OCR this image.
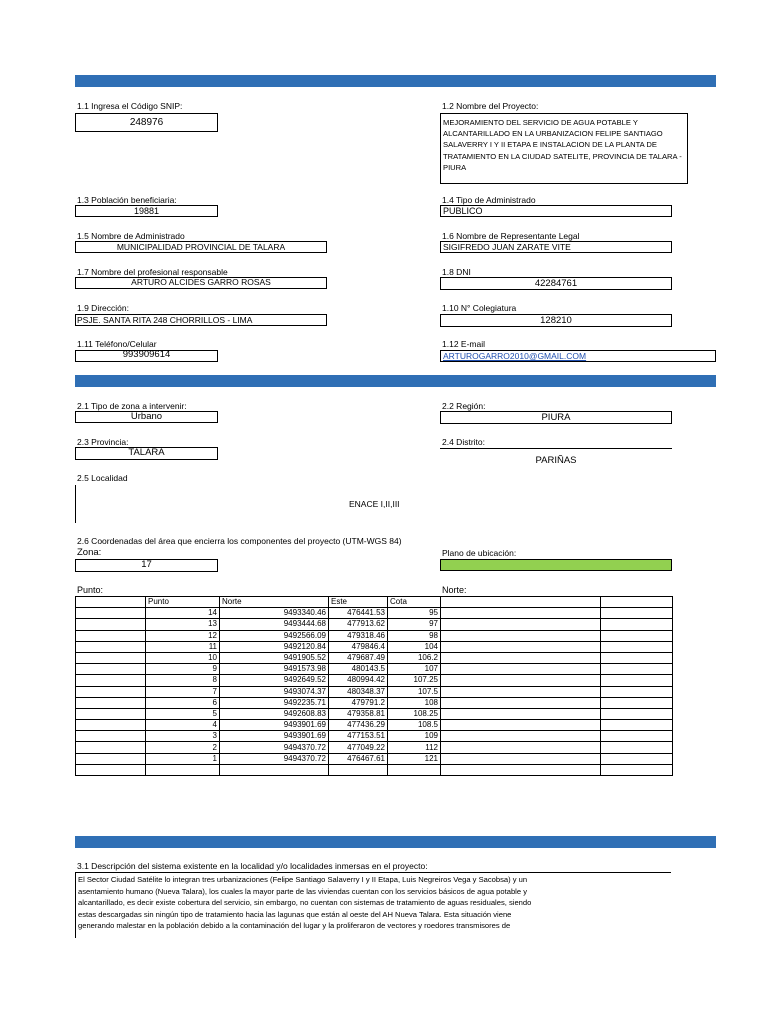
1.1 Ingresa el Código SNIP:
248976
1.2 Nombre del Proyecto:
MEJORAMIENTO DEL SERVICIO DE AGUA POTABLE Y ALCANTARILLADO EN LA URBANIZACION FELIPE SANTIAGO SALAVERRY I Y II ETAPA E INSTALACION DE LA PLANTA DE TRATAMIENTO EN LA CIUDAD SATELITE, PROVINCIA DE TALARA - PIURA
1.3 Población beneficiaria:
19881
1.4 Tipo de Administrado
PUBLICO
1.5 Nombre de Administrado
MUNICIPALIDAD PROVINCIAL DE TALARA
1.6 Nombre de Representante Legal
SIGIFREDO JUAN ZARATE VITE
1.7 Nombre del profesional responsable
ARTURO ALCIDES GARRO ROSAS
1.8 DNI
42284761
1.9 Dirección:
PSJE. SANTA RITA 248 CHORRILLOS - LIMA
1.10 N° Colegiatura
128210
1.11 Teléfono/Celular
993909614
1.12 E-mail
ARTUROGARRO2010@GMAIL.COM
2.1 Tipo de zona a intervenir:
Urbano
2.2 Región:
PIURA
2.3 Provincia:
TALARA
2.4 Distrito:
PARIÑAS
2.5 Localidad
ENACE I,II,III
2.6 Coordenadas del área que encierra los componentes del proyecto (UTM-WGS 84)
Zona:
17
Plano de ubicación:
Punto:	Norte:
	Punto	Norte	Este	Cota		
	14	9493340.46	476441.53	95		
	13	9493444.68	477913.62	97		
	12	9492566.09	479318.46	98		
	11	9492120.84	479846.4	104		
	10	9491905.52	479687.49	106.2		
	9	9491573.98	480143.5	107		
	8	9492649.52	480994.42	107.25		
	7	9493074.37	480348.37	107.5		
	6	9492235.71	479791.2	108		
	5	9492608.83	479358.81	108.25		
	4	9493901.69	477436.29	108.5		
	3	9493901.69	477153.51	109		
	2	9494370.72	477049.22	112		
	1	9494370.72	476467.61	121		

3.1 Descripción del sistema existente en la localidad y/o localidades inmersas en el proyecto:
El Sector Ciudad Satélite lo integran tres urbanizaciones (Felipe Santiago Salaverry I y II Etapa, Luis Negreiros Vega y Sacobsa) y un
asentamiento humano (Nueva Talara), los cuales la mayor parte de las viviendas cuentan con los servicios básicos de agua potable y
alcantarillado, es decir existe cobertura del servicio, sin embargo, no cuentan con sistemas de tratamiento de aguas residuales, siendo
estas descargadas sin ningún tipo de tratamiento hacia las lagunas que están al oeste del AH Nueva Talara. Esta situación viene
generando malestar en la población debido a la contaminación del lugar y la proliferaron de vectores y roedores transmisores de
